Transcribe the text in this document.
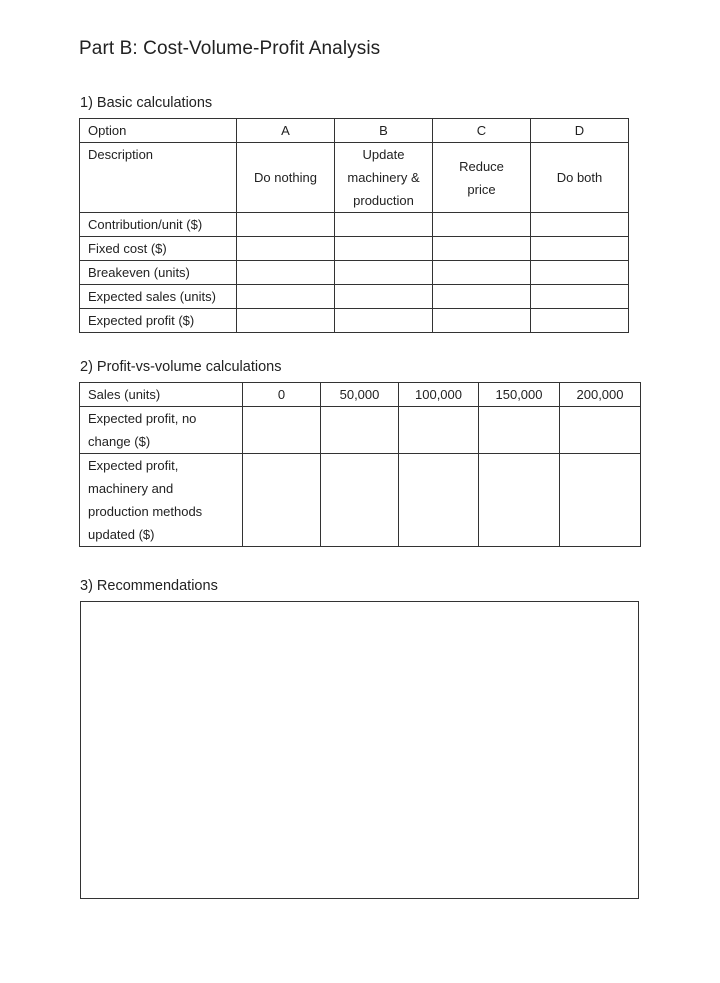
Part B: Cost-Volume-Profit Analysis
1) Basic calculations
Option	A	B	C	D
Description	Do nothing	Update machinery & production	Reduce price	Do both
Contribution/unit ($)				
Fixed cost ($)				
Breakeven (units)				
Expected sales (units)				
Expected profit ($)				
2) Profit-vs-volume calculations
Sales (units)	0	50,000	100,000	150,000	200,000
Expected profit, no change ($)					
Expected profit, machinery and production methods updated ($)					
3) Recommendations
